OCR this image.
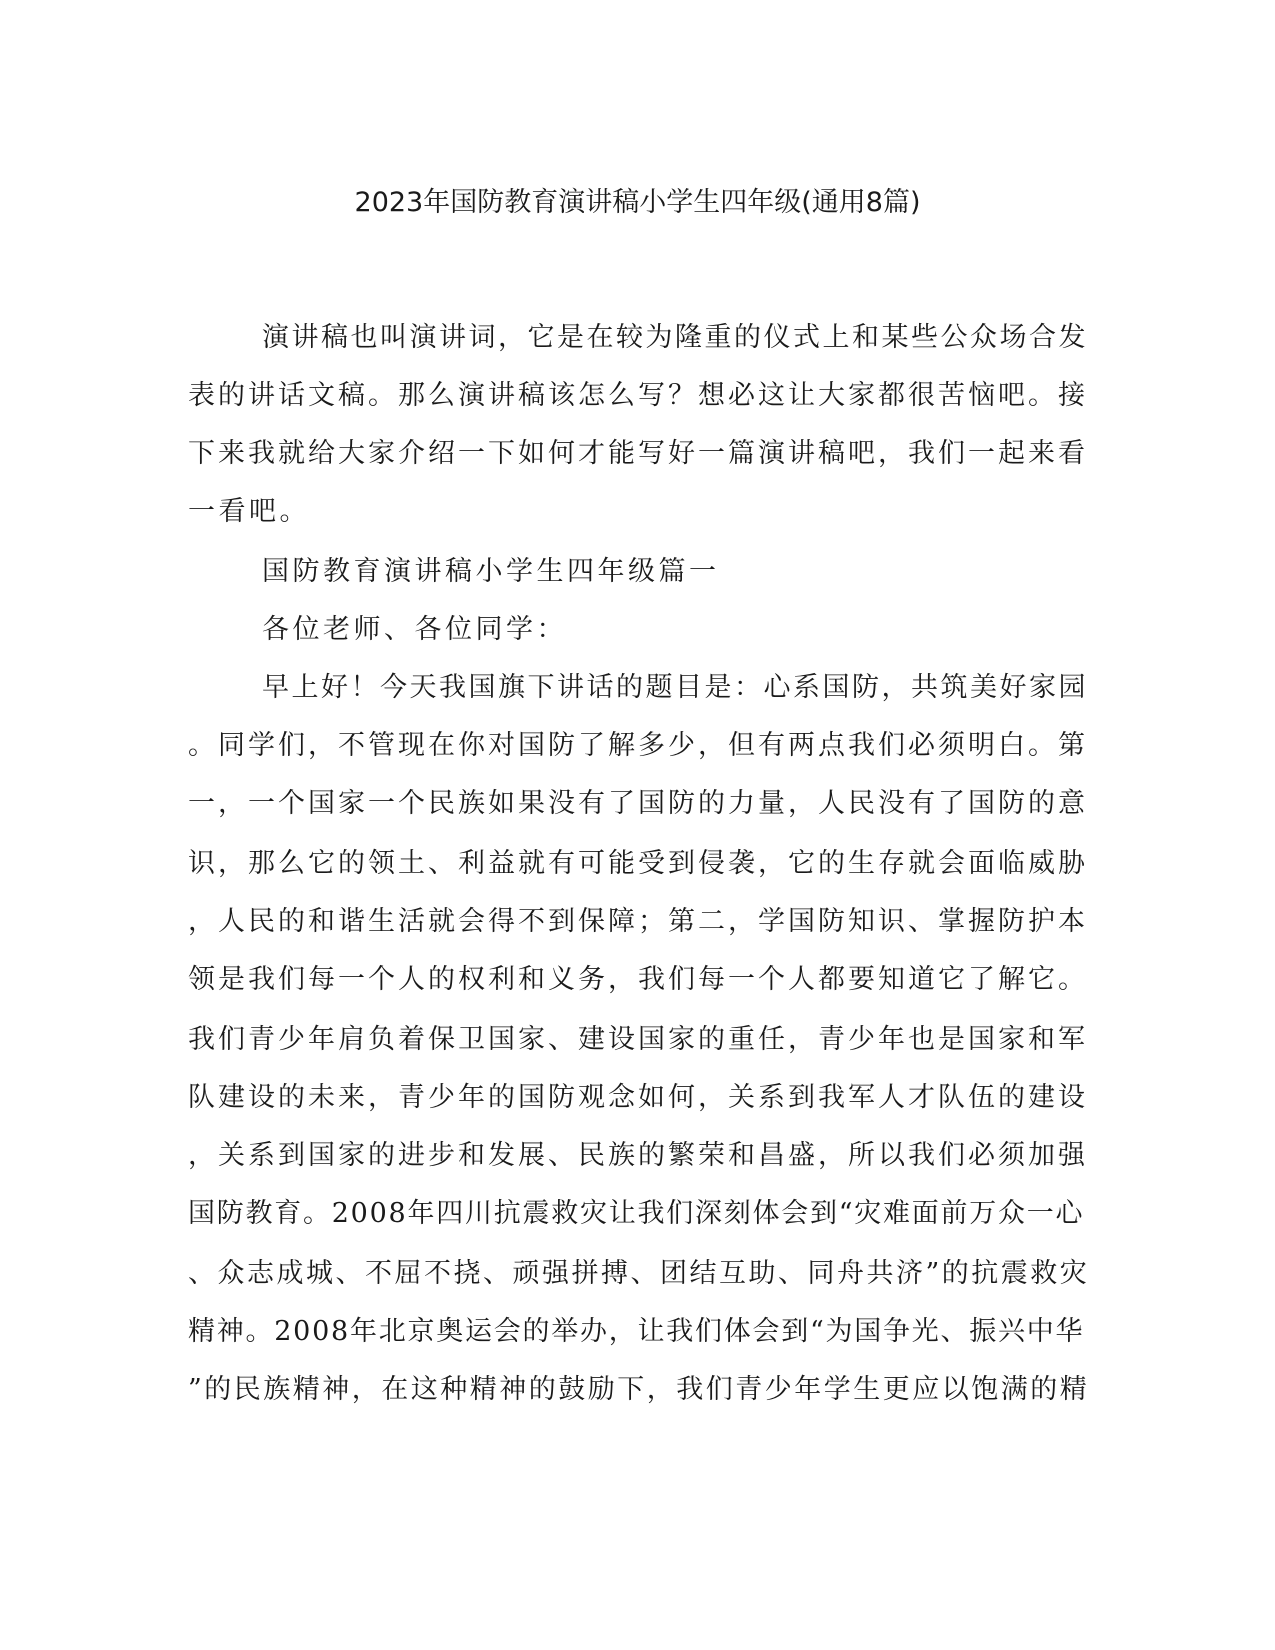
2023年国防教育演讲稿小学生四年级(通用8篇)
演讲稿也叫演讲词，它是在较为隆重的仪式上和某些公众场合发
表的讲话文稿。那么演讲稿该怎么写？想必这让大家都很苦恼吧。接
下来我就给大家介绍一下如何才能写好一篇演讲稿吧，我们一起来看
一看吧。
国防教育演讲稿小学生四年级篇一
各位老师、各位同学：
早上好！今天我国旗下讲话的题目是：心系国防，共筑美好家园
。同学们，不管现在你对国防了解多少，但有两点我们必须明白。第
一，一个国家一个民族如果没有了国防的力量，人民没有了国防的意
识，那么它的领土、利益就有可能受到侵袭，它的生存就会面临威胁
，人民的和谐生活就会得不到保障；第二，学国防知识、掌握防护本
领是我们每一个人的权利和义务，我们每一个人都要知道它了解它。
我们青少年肩负着保卫国家、建设国家的重任，青少年也是国家和军
队建设的未来，青少年的国防观念如何，关系到我军人才队伍的建设
，关系到国家的进步和发展、民族的繁荣和昌盛，所以我们必须加强
国防教育。2008年四川抗震救灾让我们深刻体会到“灾难面前万众一心
、众志成城、不屈不挠、顽强拼搏、团结互助、同舟共济”的抗震救灾
精神。2008年北京奥运会的举办，让我们体会到“为国争光、振兴中华
”的民族精神，在这种精神的鼓励下，我们青少年学生更应以饱满的精
